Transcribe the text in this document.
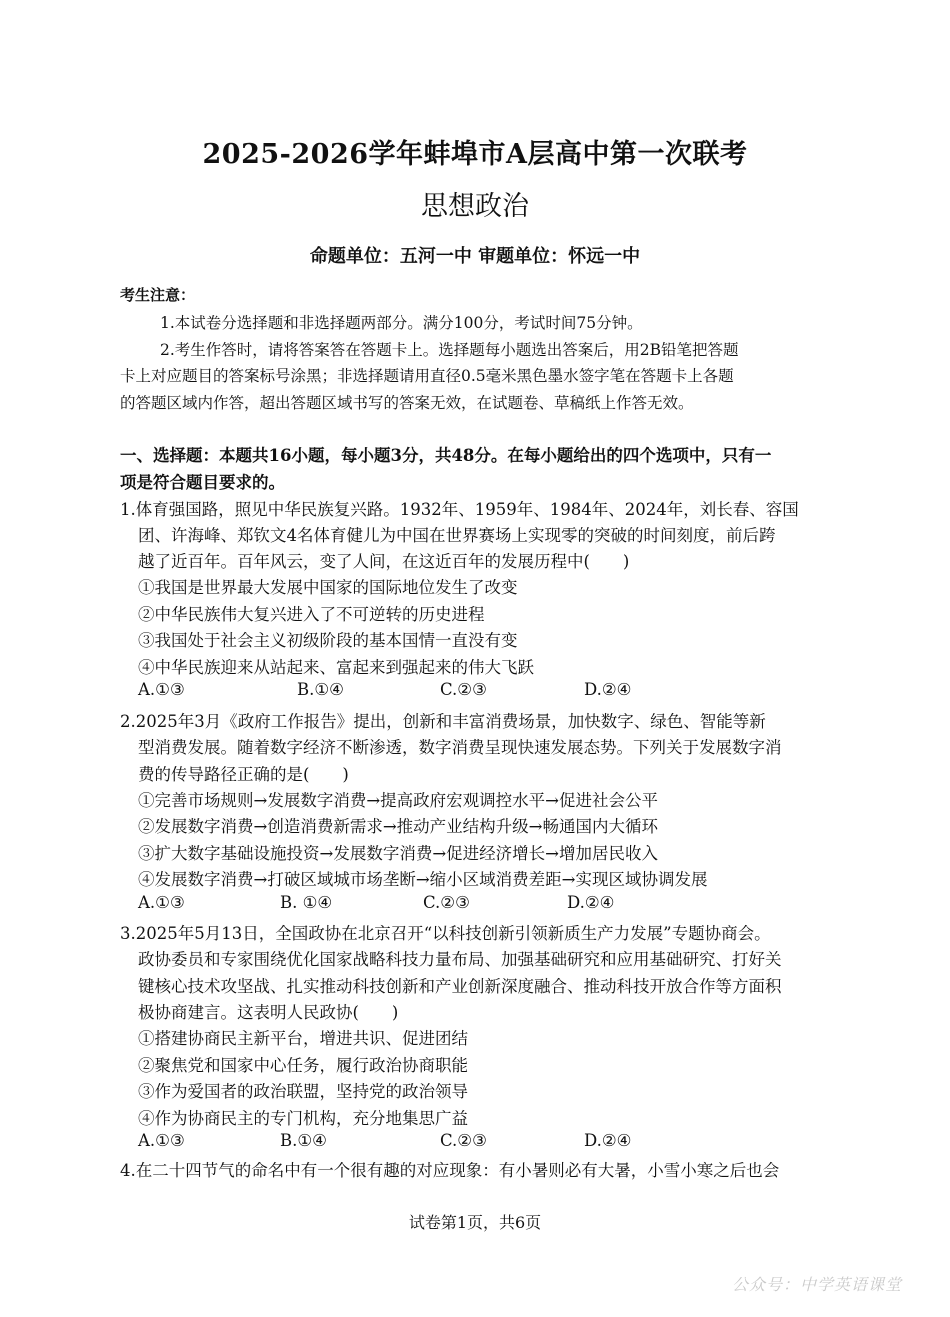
2025-2026学年蚌埠市A层高中第一次联考
思想政治
命题单位：五河一中 审题单位：怀远一中
考生注意：
1.本试卷分选择题和非选择题两部分。满分100分，考试时间75分钟。
2.考生作答时，请将答案答在答题卡上。选择题每小题选出答案后，用2B铅笔把答题
卡上对应题目的答案标号涂黑；非选择题请用直径0.5毫米黑色墨水签字笔在答题卡上各题
的答题区域内作答，超出答题区域书写的答案无效，在试题卷、草稿纸上作答无效。
一、选择题：本题共16小题，每小题3分，共48分。在每小题给出的四个选项中，只有一
项是符合题目要求的。
1.体育强国路，照见中华民族复兴路。1932年、1959年、1984年、2024年，刘长春、容国
团、许海峰、郑钦文4名体育健儿为中国在世界赛场上实现零的突破的时间刻度，前后跨
越了近百年。百年风云，变了人间，在这近百年的发展历程中(　　)
①我国是世界最大发展中国家的国际地位发生了改变
②中华民族伟大复兴进入了不可逆转的历史进程
③我国处于社会主义初级阶段的基本国情一直没有变
④中华民族迎来从站起来、富起来到强起来的伟大飞跃
A.①③	B.①④	C.②③	D.②④
2.2025年3月《政府工作报告》提出，创新和丰富消费场景，加快数字、绿色、智能等新
型消费发展。随着数字经济不断渗透，数字消费呈现快速发展态势。下列关于发展数字消
费的传导路径正确的是(　　)
①完善市场规则→发展数字消费→提高政府宏观调控水平→促进社会公平
②发展数字消费→创造消费新需求→推动产业结构升级→畅通国内大循环
③扩大数字基础设施投资→发展数字消费→促进经济增长→增加居民收入
④发展数字消费→打破区域城市场垄断→缩小区域消费差距→实现区域协调发展
A.①③	B. ①④	C.②③	D.②④
3.2025年5月13日，全国政协在北京召开“以科技创新引领新质生产力发展”专题协商会。
政协委员和专家围绕优化国家战略科技力量布局、加强基础研究和应用基础研究、打好关
键核心技术攻坚战、扎实推动科技创新和产业创新深度融合、推动科技开放合作等方面积
极协商建言。这表明人民政协(　　)
①搭建协商民主新平台，增进共识、促进团结
②聚焦党和国家中心任务，履行政治协商职能
③作为爱国者的政治联盟，坚持党的政治领导
④作为协商民主的专门机构，充分地集思广益
A.①③	B.①④	C.②③	D.②④
4.在二十四节气的命名中有一个很有趣的对应现象：有小暑则必有大暑，小雪小寒之后也会
试卷第1页，共6页
公众号：中学英语课堂
